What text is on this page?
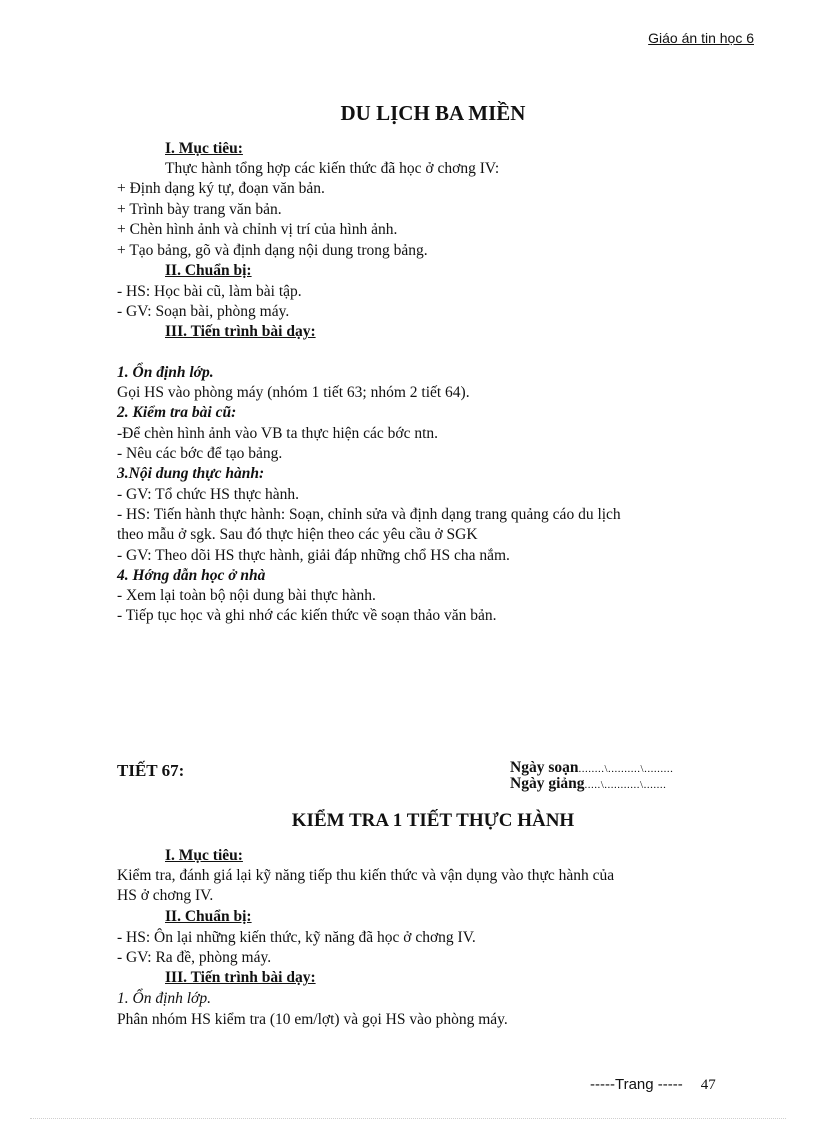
Giáo án tin học 6
DU LỊCH BA MIỀN
I. Mục tiêu:
Thực hành tổng hợp các kiến thức đã học ở chơng IV:
+ Định dạng ký tự, đoạn văn bản.
+ Trình bày trang văn bản.
+ Chèn hình ảnh và chỉnh vị trí của hình ảnh.
+ Tạo bảng, gõ và định dạng nội dung trong bảng.
II. Chuẩn bị:
- HS: Học bài cũ, làm bài tập.
- GV: Soạn bài, phòng máy.
III. Tiến trình bài dạy:
1. Ổn định lớp.
Gọi HS vào phòng máy (nhóm 1 tiết 63; nhóm 2 tiết 64).
2. Kiểm tra bài cũ:
-Để chèn hình ảnh vào VB ta thực hiện các bớc ntn.
- Nêu các bớc để tạo bảng.
3.Nội dung thực hành:
- GV: Tổ chức HS thực hành.
- HS: Tiến hành thực hành: Soạn, chỉnh sửa và định dạng trang quảng cáo du lịch
theo mẫu ở sgk. Sau đó thực hiện theo các yêu cầu ở SGK
- GV: Theo dõi HS thực hành, giải đáp những chổ HS cha nắm.
4. Hớng dẫn học ở nhà
- Xem lại toàn bộ nội dung bài thực hành.
- Tiếp tục học và ghi nhớ các kiến thức về soạn thảo văn bản.
TIẾT 67:	Ngày soạn........\..........\.........
Ngày giảng.....\...........\.......
KIỂM TRA 1 TIẾT THỰC HÀNH
I. Mục tiêu:
Kiểm tra, đánh giá lại kỹ năng tiếp thu kiến thức và vận dụng vào thực hành của
HS ở chơng IV.
II. Chuẩn bị:
- HS: Ôn lại những kiến thức, kỹ năng đã học ở chơng IV.
- GV: Ra đề, phòng máy.
III. Tiến trình bài dạy:
1. Ổn định lớp.
Phân nhóm HS kiểm tra (10 em/lợt) và gọi HS vào phòng máy.
-----Trang ----- 47
